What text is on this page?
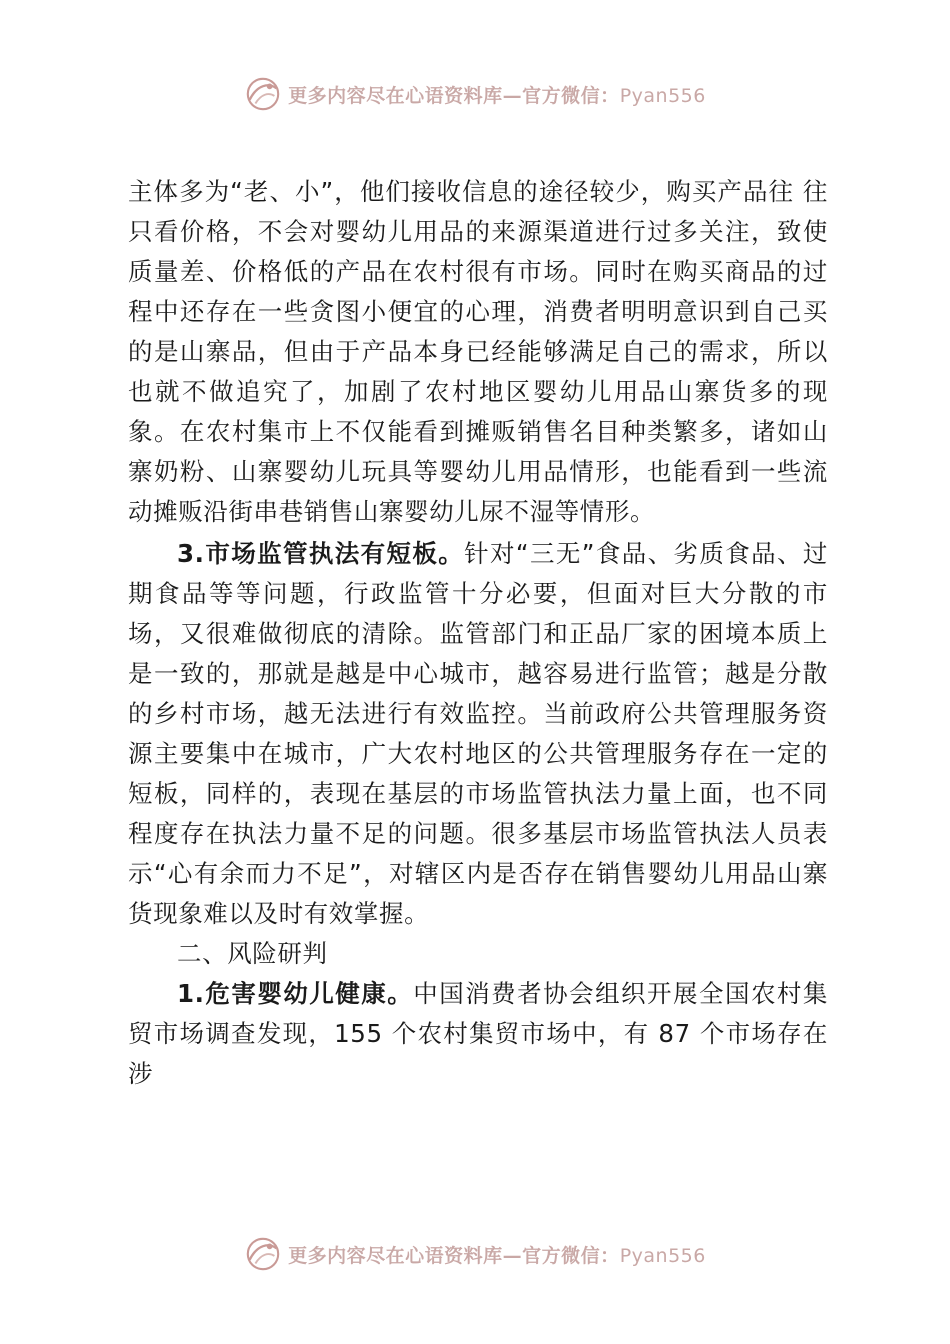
更多内容尽在心语资料库—官方微信：Pyan556

主体多为“老、小”，他们接收信息的途径较少，购买产品往 往只看价格，不会对婴幼儿用品的来源渠道进行过多关注，致使质量差、价格低的产品在农村很有市场。同时在购买商品的过程中还存在一些贪图小便宜的心理，消费者明明意识到自己买的是山寨品，但由于产品本身已经能够满足自己的需求，所以也就不做追究了，加剧了农村地区婴幼儿用品山寨货多的现象。在农村集市上不仅能看到摊贩销售名目种类繁多，诸如山寨奶粉、山寨婴幼儿玩具等婴幼儿用品情形，也能看到一些流动摊贩沿街串巷销售山寨婴幼儿尿不湿等情形。

3.市场监管执法有短板。针对“三无”食品、劣质食品、过期食品等等问题，行政监管十分必要，但面对巨大分散的市场，又很难做彻底的清除。监管部门和正品厂家的困境本质上是一致的，那就是越是中心城市，越容易进行监管；越是分散的乡村市场，越无法进行有效监控。当前政府公共管理服务资源主要集中在城市，广大农村地区的公共管理服务存在一定的短板，同样的，表现在基层的市场监管执法力量上面，也不同程度存在执法力量不足的问题。很多基层市场监管执法人员表示“心有余而力不足”，对辖区内是否存在销售婴幼儿用品山寨货现象难以及时有效掌握。

二、风险研判

1.危害婴幼儿健康。中国消费者协会组织开展全国农村集贸市场调查发现，155 个农村集贸市场中，有 87 个市场存在涉

更多内容尽在心语资料库—官方微信：Pyan556
